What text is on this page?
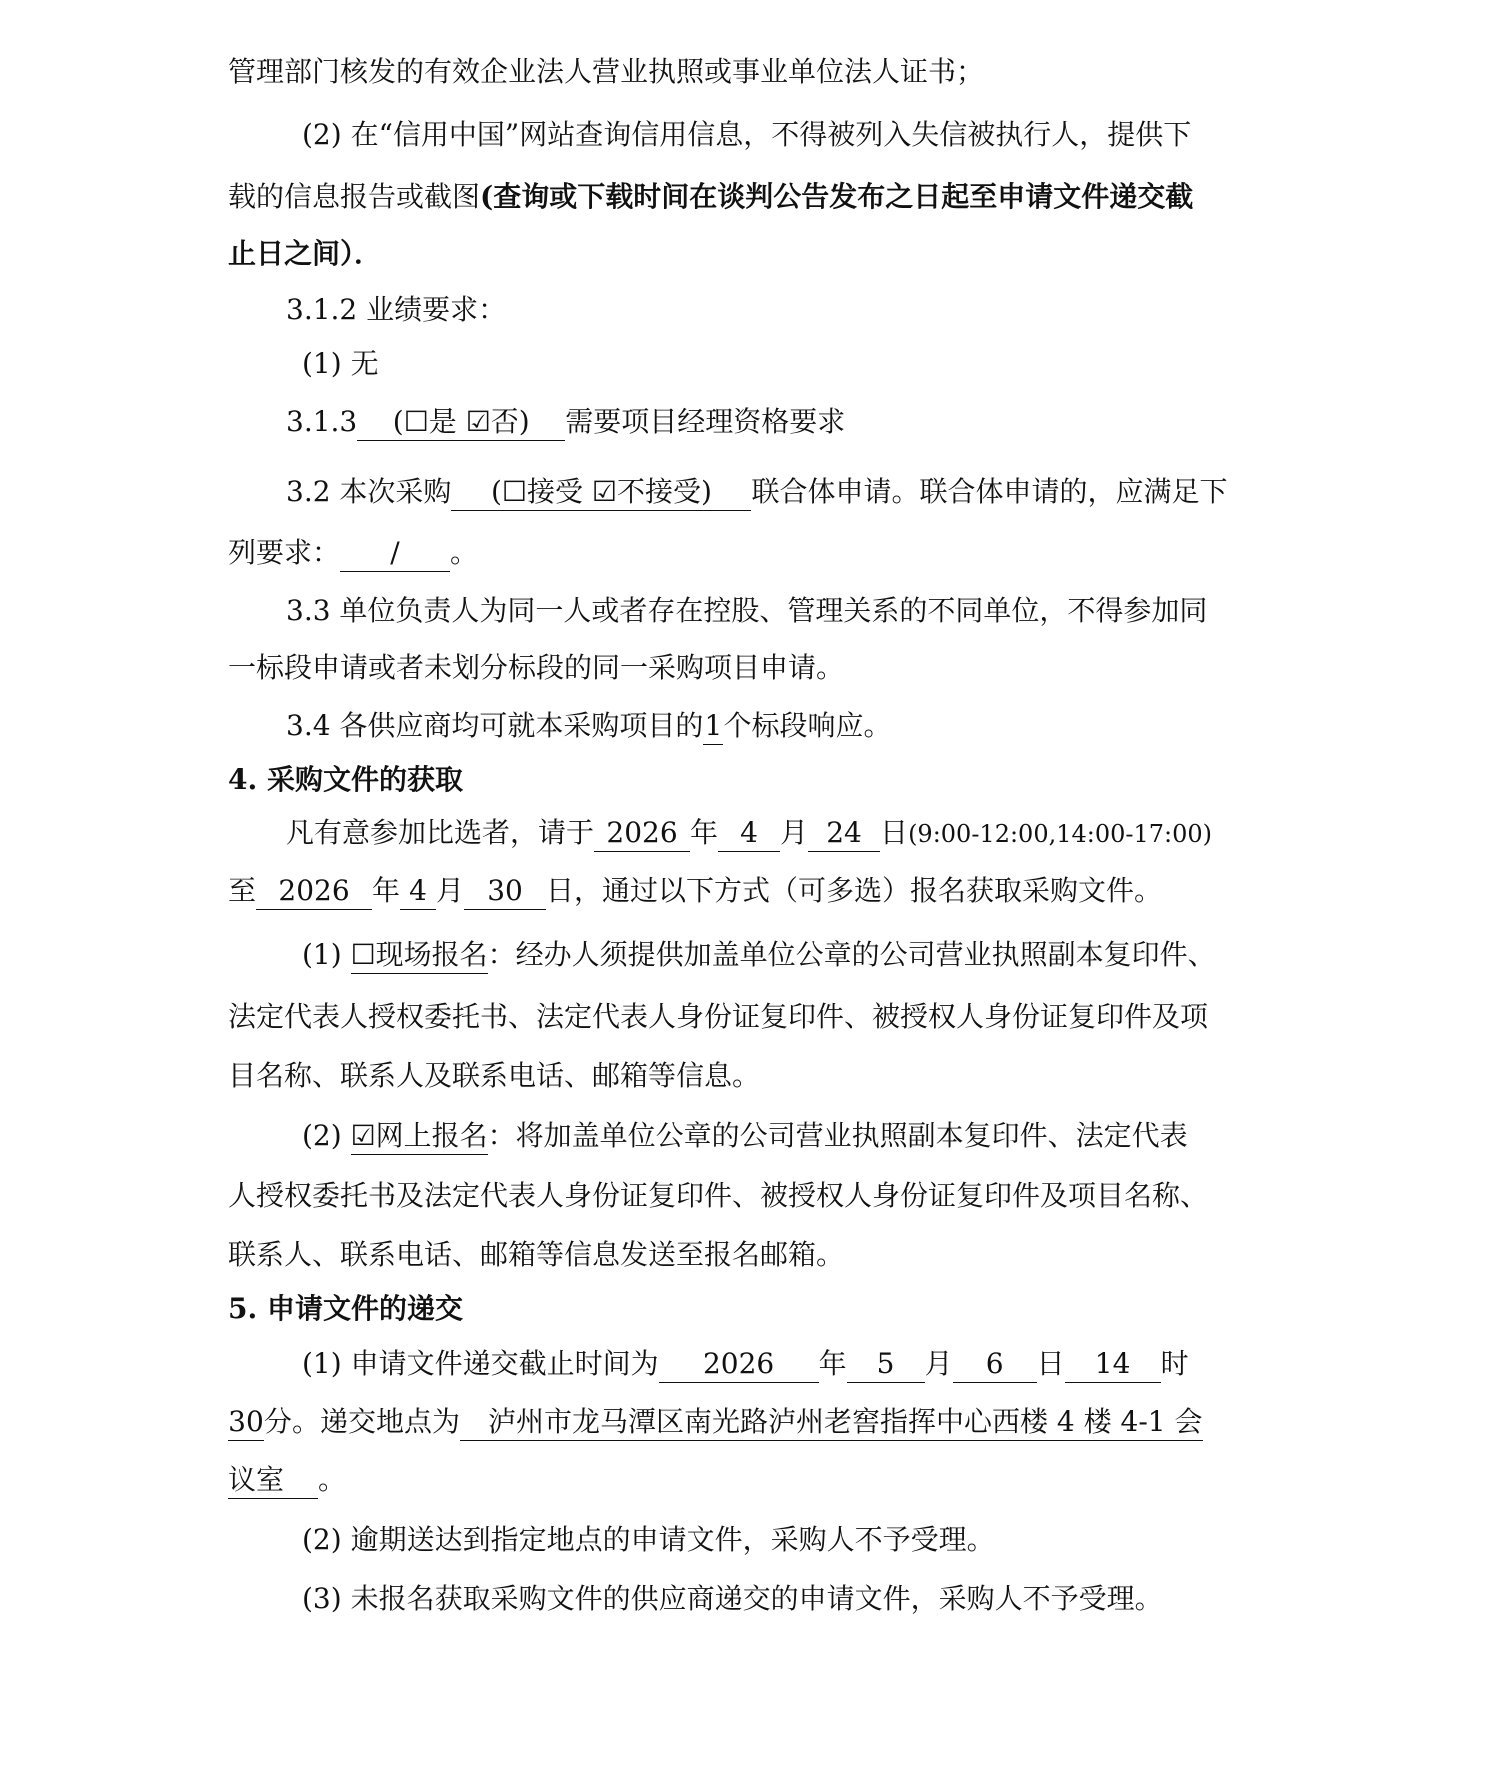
管理部门核发的有效企业法人营业执照或事业单位法人证书；
(2) 在“信用中国”网站查询信用信息，不得被列入失信被执行人，提供下
载的信息报告或截图(查询或下载时间在谈判公告发布之日起至申请文件递交截
止日之间）．
3.1.2 业绩要求：
(1) 无
3.1.3 (☐是 ☑否) 需要项目经理资格要求
3.2 本次采购 (☐接受 ☑不接受) 联合体申请。联合体申请的，应满足下
列要求： / 。
3.3 单位负责人为同一人或者存在控股、管理关系的不同单位，不得参加同
一标段申请或者未划分标段的同一采购项目申请。
3.4 各供应商均可就本采购项目的1个标段响应。
4. 采购文件的获取
凡有意参加比选者，请于 2026 年 4 月 24 日(9:00-12:00,14:00-17:00)
至 2026 年 4 月 30 日，通过以下方式（可多选）报名获取采购文件。
(1) ☐现场报名：经办人须提供加盖单位公章的公司营业执照副本复印件、
法定代表人授权委托书、法定代表人身份证复印件、被授权人身份证复印件及项
目名称、联系人及联系电话、邮箱等信息。
(2) ☑网上报名：将加盖单位公章的公司营业执照副本复印件、法定代表
人授权委托书及法定代表人身份证复印件、被授权人身份证复印件及项目名称、
联系人、联系电话、邮箱等信息发送至报名邮箱。
5. 申请文件的递交
(1) 申请文件递交截止时间为 2026 年 5 月 6 日 14 时
30分。递交地点为 泸州市龙马潭区南光路泸州老窖指挥中心西楼 4 楼 4-1 会
议室 。
(2) 逾期送达到指定地点的申请文件，采购人不予受理。
(3) 未报名获取采购文件的供应商递交的申请文件，采购人不予受理。
